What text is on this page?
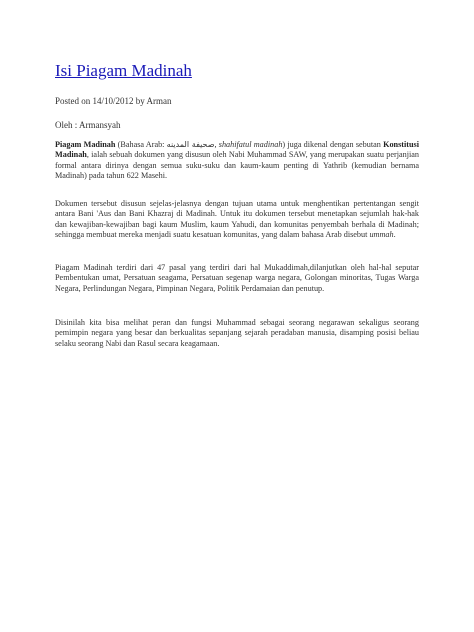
Isi Piagam Madinah
Posted on 14/10/2012 by Arman
Oleh : Armansyah

Piagam Madinah (Bahasa Arab: صحيفة المدينه, shahifatul madinah) juga dikenal dengan sebutan Konstitusi Madinah, ialah sebuah dokumen yang disusun oleh Nabi Muhammad SAW, yang merupakan suatu perjanjian formal antara dirinya dengan semua suku-suku dan kaum-kaum penting di Yathrib (kemudian bernama Madinah) pada tahun 622 Masehi.

Dokumen tersebut disusun sejelas-jelasnya dengan tujuan utama untuk menghentikan pertentangan sengit antara Bani 'Aus dan Bani Khazraj di Madinah. Untuk itu dokumen tersebut menetapkan sejumlah hak-hak dan kewajiban-kewajiban bagi kaum Muslim, kaum Yahudi, dan komunitas penyembah berhala di Madinah; sehingga membuat mereka menjadi suatu kesatuan komunitas, yang dalam bahasa Arab disebut ummah.

Piagam Madinah terdiri dari 47 pasal yang terdiri dari hal Mukaddimah,dilanjutkan oleh hal-hal seputar Pembentukan umat, Persatuan seagama, Persatuan segenap warga negara, Golongan minoritas, Tugas Warga Negara, Perlindungan Negara, Pimpinan Negara, Politik Perdamaian dan penutup.

Disinilah kita bisa melihat peran dan fungsi Muhammad sebagai seorang negarawan sekaligus seorang pemimpin negara yang besar dan berkualitas sepanjang sejarah peradaban manusia, disamping posisi beliau selaku seorang Nabi dan Rasul secara keagamaan.
